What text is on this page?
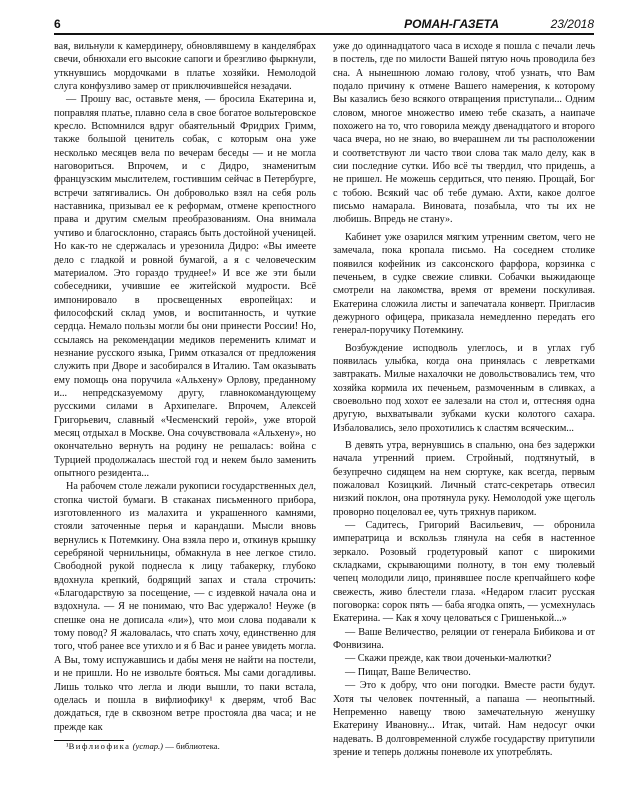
6	РОМАН-ГАЗЕТА	23/2018

вая, вильнули к камердинеру, обновлявшему в канделябрах свечи, обнюхали его высокие сапоги и брезгливо фыркнули, уткнувшись мордочками в платье хозяйки. Немолодой слуга конфузливо замер от приключившейся незадачи.

— Прошу вас, оставьте меня, — бросила Екатерина и, поправляя платье, плавно села в свое богатое вольтеровское кресло. Вспомнился вдруг обаятельный Фридрих Гримм, также большой ценитель собак, с которым она уже несколько месяцев вела по вечерам беседы — и не могла наговориться. Впрочем, и с Дидро, знаменитым французским мыслителем, гостившим сейчас в Петербурге, встречи затягивались. Он доброволько взял на себя роль наставника, призывал ее к реформам, отмене крепостного права и другим смелым преобразованиям. Она внимала учтиво и благосклонно, стараясь быть достойной ученицей. Но как-то не сдержалась и урезонила Дидро: «Вы имеете дело с гладкой и ровной бумагой, а я с человеческим материалом. Это гораздо труднее!» И все же эти были собеседники, учившие ее житейской мудрости. Всё импонировало в просвещенных европейцах: и философский склад умов, и воспитанность, и чуткие сердца. Немало пользы могли бы они принести России! Но, ссылаясь на рекомендации медиков переменить климат и незнание русского языка, Гримм отказался от предложения служить при Дворе и засобирался в Италию. Там оказывать ему помощь она поручила «Альхену» Орлову, преданному и... непредсказуемому другу, главнокомандующему русскими силами в Архипелаге. Впрочем, Алексей Григорьевич, славный «Чесменский герой», уже второй месяц отдыхал в Москве. Она сочувствовала «Альхену», но окончательно вернуть на родину не решалась: война с Турцией продолжалась шестой год и некем было заменить опытного резидента...

На рабочем столе лежали рукописи государственных дел, стопка чистой бумаги. В стаканах письменного прибора, изготовленного из малахита и украшенного камнями, стояли заточенные перья и карандаши. Мысли вновь вернулись к Потемкину. Она взяла перо и, откинув крышку серебряной чернильницы, обмакнула в нее легкое стило. Свободной рукой поднесла к лицу табакерку, глубоко вдохнула крепкий, бодрящий запах и стала строчить: «Благодарствую за посещение, — с издевкой начала она и вздохнула. — Я не понимаю, что Вас удержало! Неуже (в спешке она не дописала «ли»), что мои слова подавали к тому повод? Я жаловалась, что спать хочу, единственно для того, чтоб ранее все утихло и я б Вас и ранее увидеть могла. А Вы, тому испужавшись и дабы меня не найти на постели, и не пришли. Но не извольте бояться. Мы сами догадливы. Лишь только что легла и люди вышли, то паки встала, оделась и пошла в вифлиофику¹ к дверям, чтоб Вас дождаться, где в сквозном ветре простояла два часа; и не прежде как

¹Вифлиофика (устар.) — библиотека.

уже до одиннадцатого часа в исходе я пошла с печали лечь в постель, где по милости Вашей пятую ночь проводила без сна. А нынешнюю ломаю голову, чтоб узнать, что Вам подало причину к отмене Вашего намерения, к которому Вы казались безо всякого отвращения приступали... Одним словом, многое множество имею тебе сказать, а наипаче похожего на то, что говорила между двенадцатого и второго часа вчера, но не знаю, во вчерашнем ли ты расположении и соответствуют ли часто твои слова так мало делу, как в сии последние сутки. Ибо всё ты твердил, что придешь, а не пришел. Не можешь сердиться, что пеняю. Прощай, Бог с тобою. Всякий час об тебе думаю. Ахти, какое долгое письмо намарала. Виновата, позабыла, что ты их не любишь. Впредь не стану».

Кабинет уже озарился мягким утренним светом, чего не замечала, пока кропала письмо. На соседнем столике появился кофейник из саксонского фарфора, корзинка с печеньем, в судке свежие сливки. Собачки выжидающе смотрели на лакомства, время от времени поскуливая. Екатерина сложила листы и запечатала конверт. Пригласив дежурного офицера, приказала немедленно передать его генерал-поручику Потемкину.

Возбуждение исподволь улеглось, и в углах губ появилась улыбка, когда она принялась с левретками завтракать. Милые нахалочки не довольствовались тем, что хозяйка кормила их печеньем, размоченным в сливках, а своевольно под хохот ее залезали на стол и, оттесняя одна другую, выхватывали зубками куски колотого сахара. Избаловались, зело прохотились к сластям всяческим...

В девять утра, вернувшись в спальню, она без задержки начала утренний прием. Стройный, подтянутый, в безупречно сидящем на нем сюртуке, как всегда, первым пожаловал Козицкий. Личный статс-секретарь отвесил низкий поклон, она протянула руку. Немолодой уже щеголь проворно поцеловал ее, чуть тряхнув париком.

— Садитесь, Григорий Васильевич, — обронила императрица и вскользь глянула на себя в настенное зеркало. Розовый гродетуровый капот с широкими складками, скрывающими полноту, в тон ему тюлевый чепец молодили лицо, принявшее после крепчайшего кофе свежесть, живо блестели глаза. «Недаром гласит русская поговорка: сорок пять — баба ягодка опять, — усмехнулась Екатерина. — Как я хочу целоваться с Гришенькой...»

— Ваше Величество, реляции от генерала Бибикова и от Фонвизина.

— Скажи прежде, как твои доченьки-малютки?

— Пищат, Ваше Величество.

— Это к добру, что они погодки. Вместе расти будут. Хотя ты человек почтенный, а папаша — неопытный. Непременно навещу твою замечательную женушку Екатерину Ивановну... Итак, читай. Нам недосуг очки надевать. В долговременной службе государству притупили зрение и теперь должны поневоле их употреблять.
